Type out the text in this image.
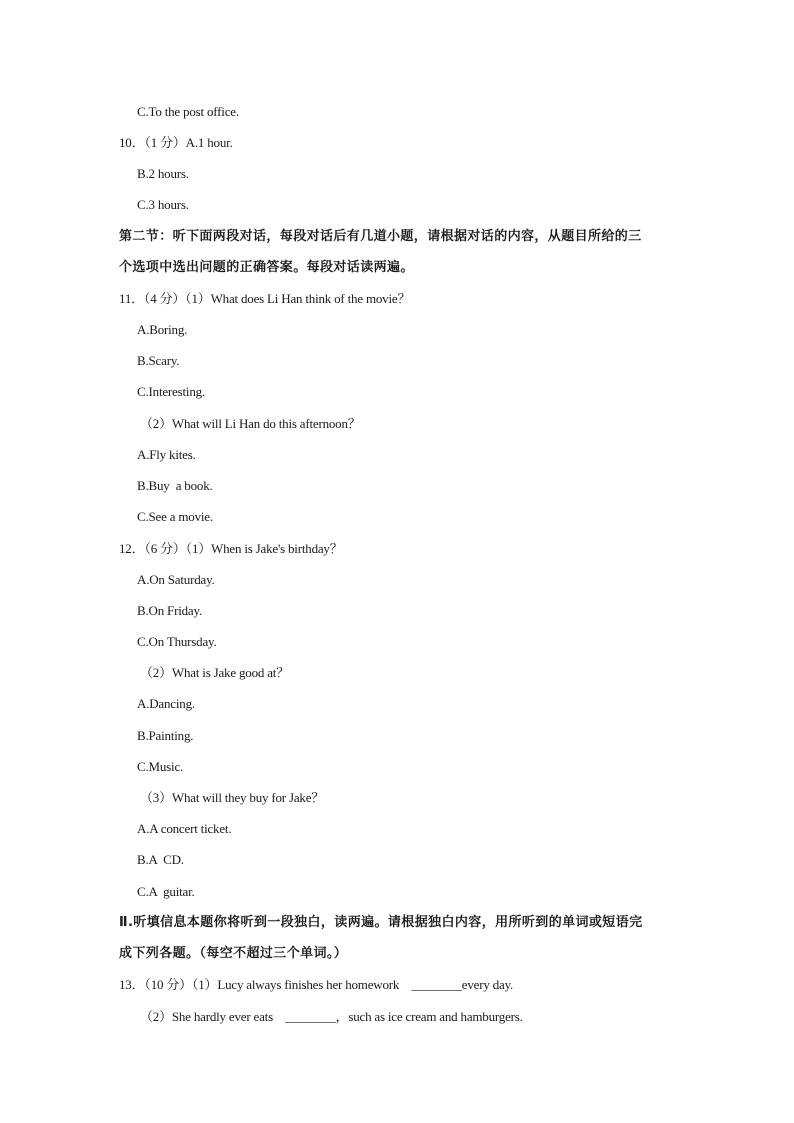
C.To the post office.
10．（1 分）A.1 hour.
B.2 hours.
C.3 hours.
第二节：听下面两段对话，每段对话后有几道小题，请根据对话的内容，从题目所给的三
个选项中选出问题的正确答案。每段对话读两遍。
11．（4 分）（1）What does Li Han think of the movie？
A.Boring.
B.Scary.
C.Interesting.
（2）What will Li Han do this afternoon？
A.Fly kites.
B.Buy  a book.
C.See a movie.
12．（6 分）（1）When is Jake's birthday？
A.On Saturday.
B.On Friday.
C.On Thursday.
（2）What is Jake good at？
A.Dancing.
B.Painting.
C.Music.
（3）What will they buy for Jake？
A.A concert ticket.
B.A  CD.
C.A  guitar.
Ⅱ.听填信息本题你将听到一段独白，读两遍。请根据独白内容，用所听到的单词或短语完
成下列各题。（每空不超过三个单词。）
13．（10 分）（1）Lucy always finishes her homework    ________every day.
（2）She hardly ever eats    ________，such as ice cream and hamburgers.
